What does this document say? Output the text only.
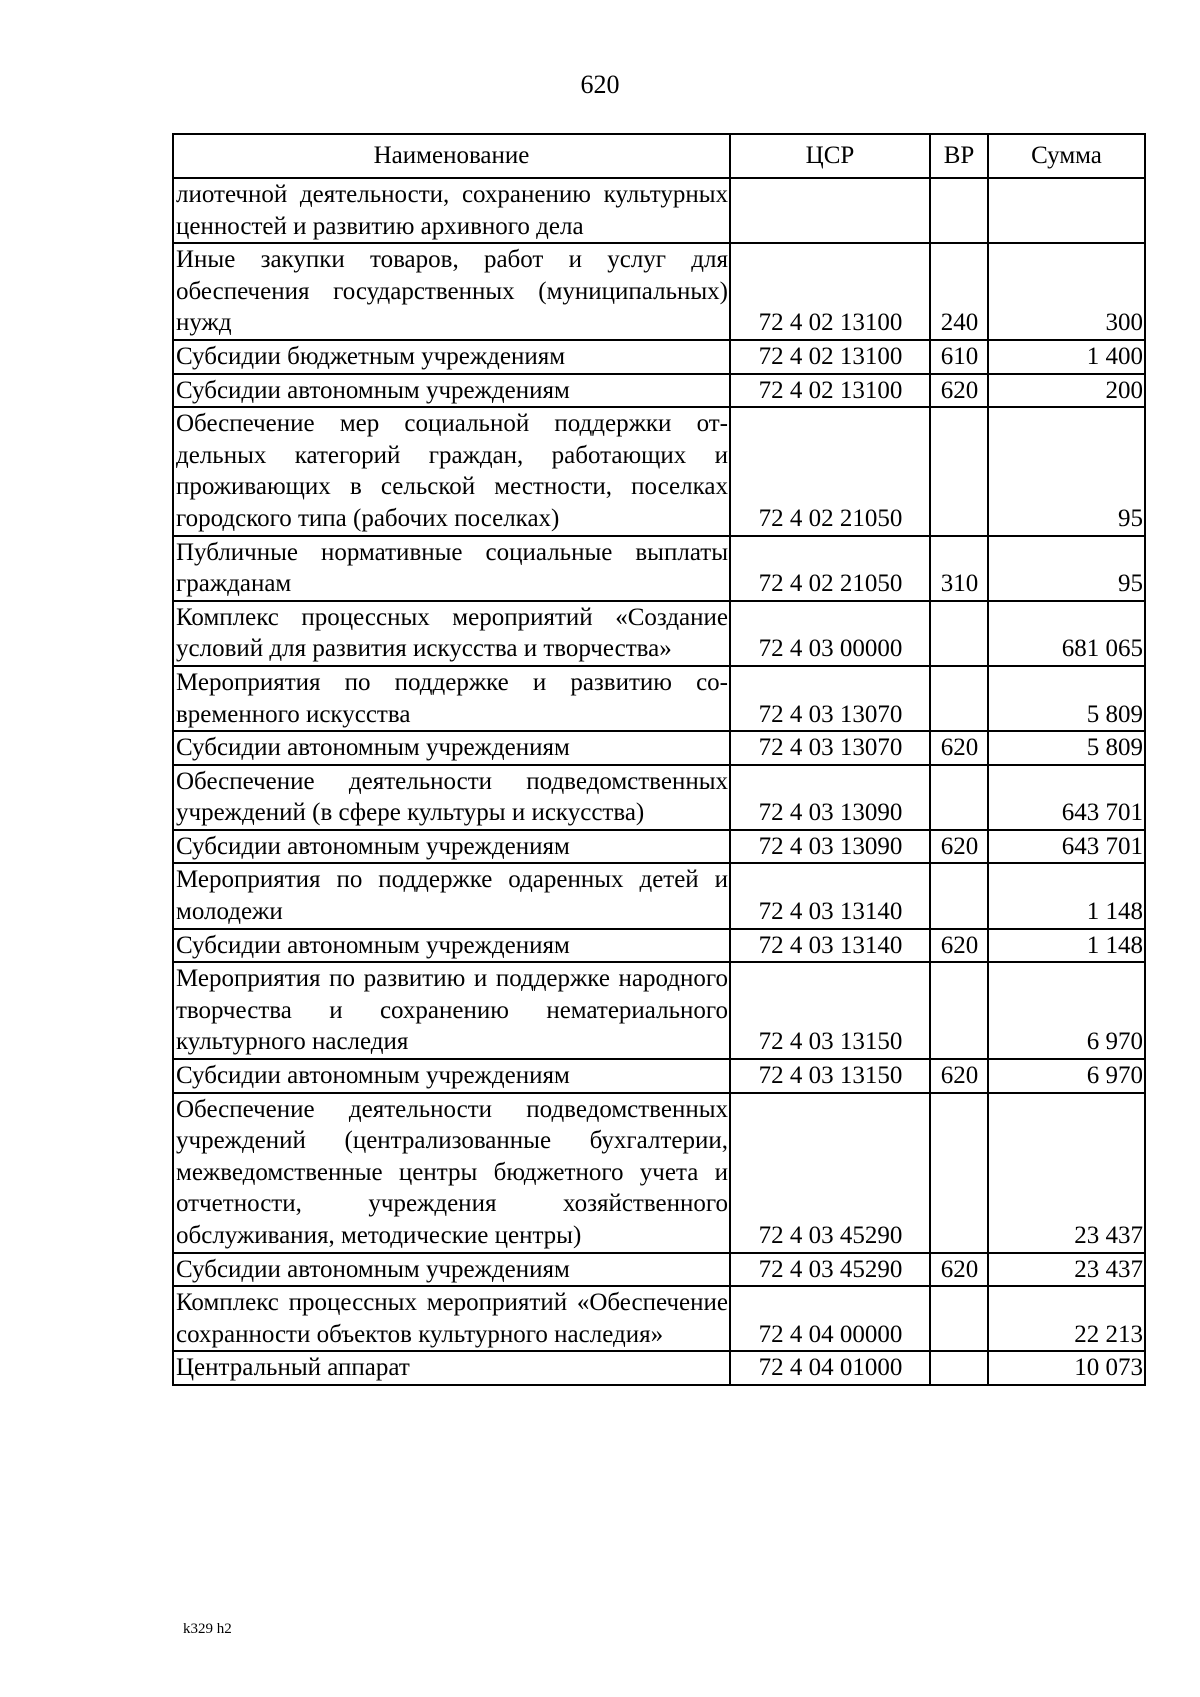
620
Наименование	ЦСР	ВР	Сумма
лиотечной деятельности, сохранению культурных ценностей и развитию архивного дела			
Иные закупки товаров, работ и услуг для обеспечения государственных (муниципальных) нужд	72 4 02 13100	240	300
Субсидии бюджетным учреждениям	72 4 02 13100	610	1 400
Субсидии автономным учреждениям	72 4 02 13100	620	200
Обеспечение мер социальной поддержки отдельных категорий граждан, работающих и проживающих в сельской местности, поселках городского типа (рабочих поселках)	72 4 02 21050		95
Публичные нормативные социальные выплаты гражданам	72 4 02 21050	310	95
Комплекс процессных мероприятий «Создание условий для развития искусства и творчества»	72 4 03 00000		681 065
Мероприятия по поддержке и развитию современного искусства	72 4 03 13070		5 809
Субсидии автономным учреждениям	72 4 03 13070	620	5 809
Обеспечение деятельности подведомственных учреждений (в сфере культуры и искусства)	72 4 03 13090		643 701
Субсидии автономным учреждениям	72 4 03 13090	620	643 701
Мероприятия по поддержке одаренных детей и молодежи	72 4 03 13140		1 148
Субсидии автономным учреждениям	72 4 03 13140	620	1 148
Мероприятия по развитию и поддержке народного творчества и сохранению нематериального культурного наследия	72 4 03 13150		6 970
Субсидии автономным учреждениям	72 4 03 13150	620	6 970
Обеспечение деятельности подведомственных учреждений (централизованные бухгалтерии, межведомственные центры бюджетного учета и отчетности, учреждения хозяйственного обслуживания, методические центры)	72 4 03 45290		23 437
Субсидии автономным учреждениям	72 4 03 45290	620	23 437
Комплекс процессных мероприятий «Обеспечение сохранности объектов культурного наследия»	72 4 04 00000		22 213
Центральный аппарат	72 4 04 01000		10 073
k329 h2
